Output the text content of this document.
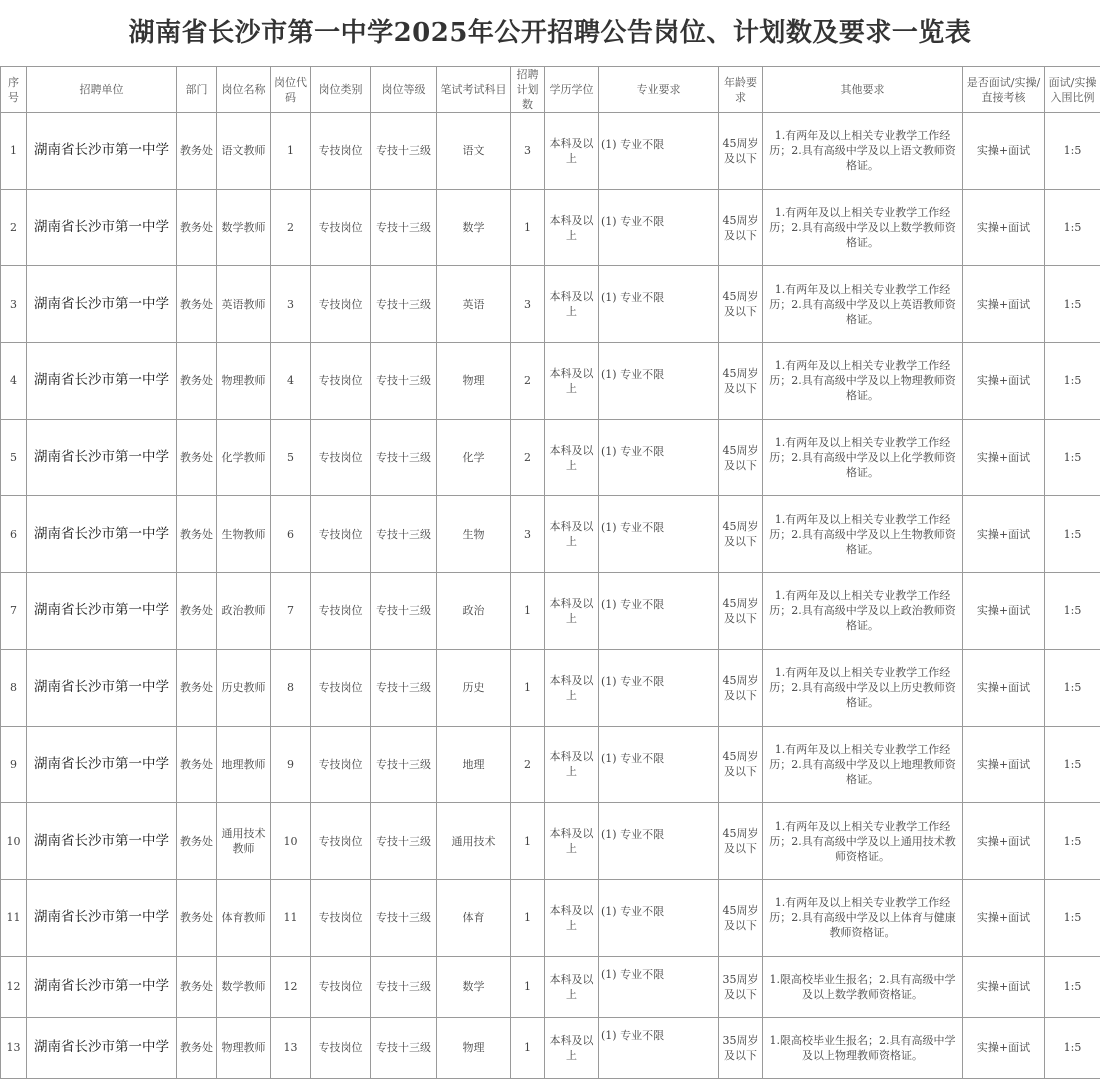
湖南省长沙市第一中学2025年公开招聘公告岗位、计划数及要求一览表
序号	招聘单位	部门	岗位名称	岗位代码	岗位类别	岗位等级	笔试考试科目	招聘计划数	学历学位	专业要求	年龄要求	其他要求	是否面试/实操/直接考核	面试/实操入围比例
1	湖南省长沙市第一中学	教务处	语文教师	1	专技岗位	专技十三级	语文	3	本科及以上	(1) 专业不限	45周岁及以下	1.有两年及以上相关专业教学工作经历；2.具有高级中学及以上语文教师资格证。	实操+面试	1:5
2	湖南省长沙市第一中学	教务处	数学教师	2	专技岗位	专技十三级	数学	1	本科及以上	(1) 专业不限	45周岁及以下	1.有两年及以上相关专业教学工作经历；2.具有高级中学及以上数学教师资格证。	实操+面试	1:5
3	湖南省长沙市第一中学	教务处	英语教师	3	专技岗位	专技十三级	英语	3	本科及以上	(1) 专业不限	45周岁及以下	1.有两年及以上相关专业教学工作经历；2.具有高级中学及以上英语教师资格证。	实操+面试	1:5
4	湖南省长沙市第一中学	教务处	物理教师	4	专技岗位	专技十三级	物理	2	本科及以上	(1) 专业不限	45周岁及以下	1.有两年及以上相关专业教学工作经历；2.具有高级中学及以上物理教师资格证。	实操+面试	1:5
5	湖南省长沙市第一中学	教务处	化学教师	5	专技岗位	专技十三级	化学	2	本科及以上	(1) 专业不限	45周岁及以下	1.有两年及以上相关专业教学工作经历；2.具有高级中学及以上化学教师资格证。	实操+面试	1:5
6	湖南省长沙市第一中学	教务处	生物教师	6	专技岗位	专技十三级	生物	3	本科及以上	(1) 专业不限	45周岁及以下	1.有两年及以上相关专业教学工作经历；2.具有高级中学及以上生物教师资格证。	实操+面试	1:5
7	湖南省长沙市第一中学	教务处	政治教师	7	专技岗位	专技十三级	政治	1	本科及以上	(1) 专业不限	45周岁及以下	1.有两年及以上相关专业教学工作经历；2.具有高级中学及以上政治教师资格证。	实操+面试	1:5
8	湖南省长沙市第一中学	教务处	历史教师	8	专技岗位	专技十三级	历史	1	本科及以上	(1) 专业不限	45周岁及以下	1.有两年及以上相关专业教学工作经历；2.具有高级中学及以上历史教师资格证。	实操+面试	1:5
9	湖南省长沙市第一中学	教务处	地理教师	9	专技岗位	专技十三级	地理	2	本科及以上	(1) 专业不限	45周岁及以下	1.有两年及以上相关专业教学工作经历；2.具有高级中学及以上地理教师资格证。	实操+面试	1:5
10	湖南省长沙市第一中学	教务处	通用技术教师	10	专技岗位	专技十三级	通用技术	1	本科及以上	(1) 专业不限	45周岁及以下	1.有两年及以上相关专业教学工作经历；2.具有高级中学及以上通用技术教师资格证。	实操+面试	1:5
11	湖南省长沙市第一中学	教务处	体育教师	11	专技岗位	专技十三级	体育	1	本科及以上	(1) 专业不限	45周岁及以下	1.有两年及以上相关专业教学工作经历；2.具有高级中学及以上体育与健康教师资格证。	实操+面试	1:5
12	湖南省长沙市第一中学	教务处	数学教师	12	专技岗位	专技十三级	数学	1	本科及以上	(1) 专业不限	35周岁及以下	1.限高校毕业生报名；2.具有高级中学及以上数学教师资格证。	实操+面试	1:5
13	湖南省长沙市第一中学	教务处	物理教师	13	专技岗位	专技十三级	物理	1	本科及以上	(1) 专业不限	35周岁及以下	1.限高校毕业生报名；2.具有高级中学及以上物理教师资格证。	实操+面试	1:5
